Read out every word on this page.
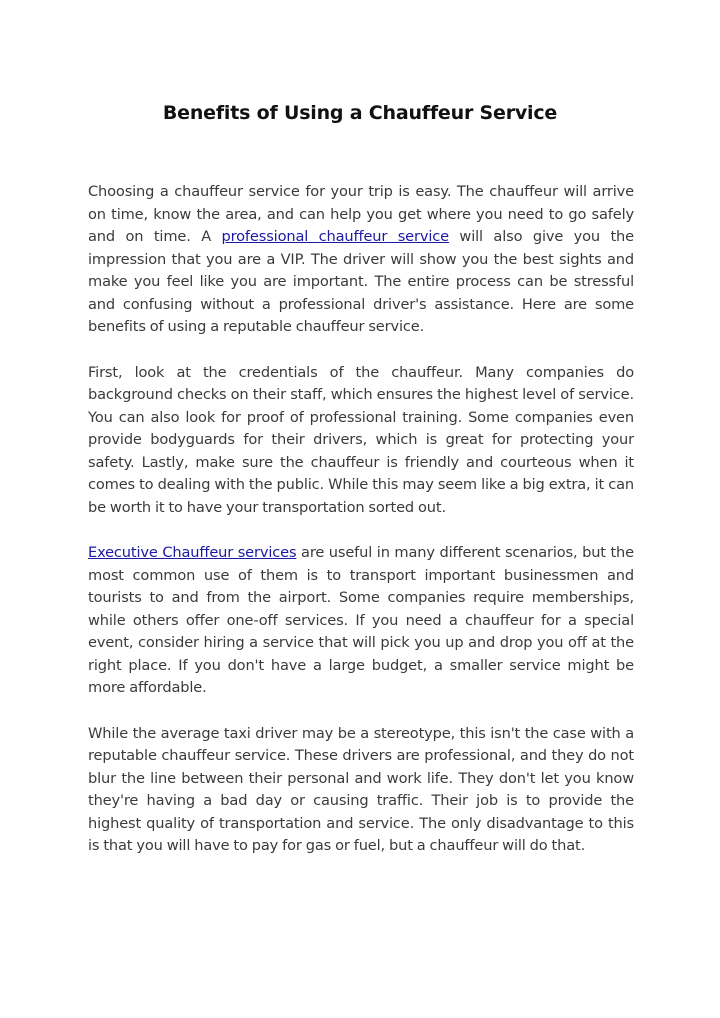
Benefits of Using a Chauffeur Service

Choosing a chauffeur service for your trip is easy. The chauffeur will arrive on time, know the area, and can help you get where you need to go safely and on time. A professional chauffeur service will also give you the impression that you are a VIP. The driver will show you the best sights and make you feel like you are important. The entire process can be stressful and confusing without a professional driver's assistance. Here are some benefits of using a reputable chauffeur service.

First, look at the credentials of the chauffeur. Many companies do background checks on their staff, which ensures the highest level of service. You can also look for proof of professional training. Some companies even provide bodyguards for their drivers, which is great for protecting your safety. Lastly, make sure the chauffeur is friendly and courteous when it comes to dealing with the public. While this may seem like a big extra, it can be worth it to have your transportation sorted out.

Executive Chauffeur services are useful in many different scenarios, but the most common use of them is to transport important businessmen and tourists to and from the airport. Some companies require memberships, while others offer one-off services. If you need a chauffeur for a special event, consider hiring a service that will pick you up and drop you off at the right place. If you don't have a large budget, a smaller service might be more affordable.

While the average taxi driver may be a stereotype, this isn't the case with a reputable chauffeur service. These drivers are professional, and they do not blur the line between their personal and work life. They don't let you know they're having a bad day or causing traffic. Their job is to provide the highest quality of transportation and service. The only disadvantage to this is that you will have to pay for gas or fuel, but a chauffeur will do that.
